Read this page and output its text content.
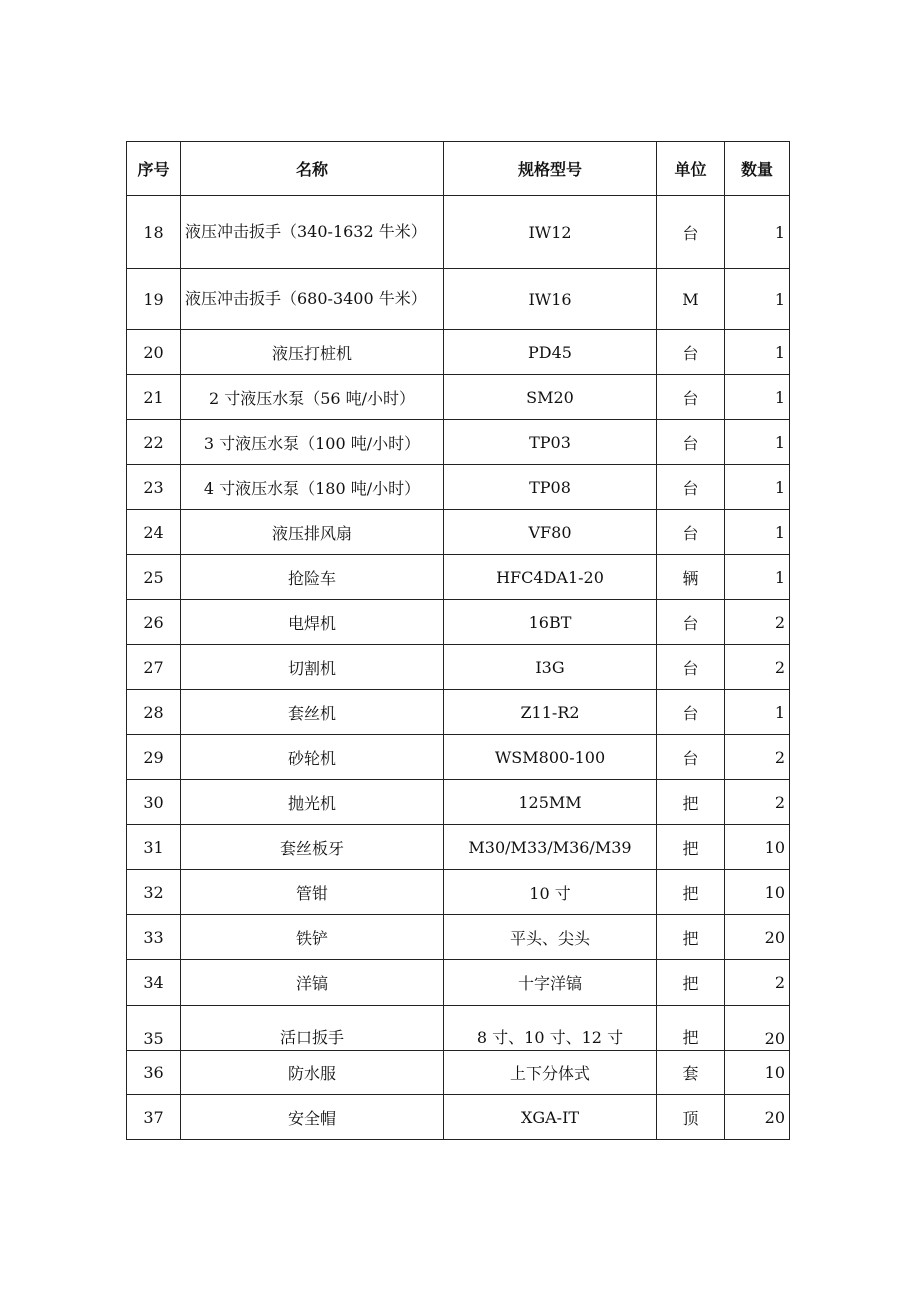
序号	名称	规格型号	单位	数量
18	液压冲击扳手（340-1632 牛米）	IW12	台	1
19	液压冲击扳手（680-3400 牛米）	IW16	M	1
20	液压打桩机	PD45	台	1
21	2 寸液压水泵（56 吨/小时）	SM20	台	1
22	3 寸液压水泵（100 吨/小时）	TP03	台	1
23	4 寸液压水泵（180 吨/小时）	TP08	台	1
24	液压排风扇	VF80	台	1
25	抢险车	HFC4DA1-20	辆	1
26	电焊机	16BT	台	2
27	切割机	I3G	台	2
28	套丝机	Z11-R2	台	1
29	砂轮机	WSM800-100	台	2
30	抛光机	125MM	把	2
31	套丝板牙	M30/M33/M36/M39	把	10
32	管钳	10 寸	把	10
33	铁铲	平头、尖头	把	20
34	洋镐	十字洋镐	把	2
35	活口扳手	8 寸、10 寸、12 寸	把	20
36	防水服	上下分体式	套	10
37	安全帽	XGA-IT	顶	20
